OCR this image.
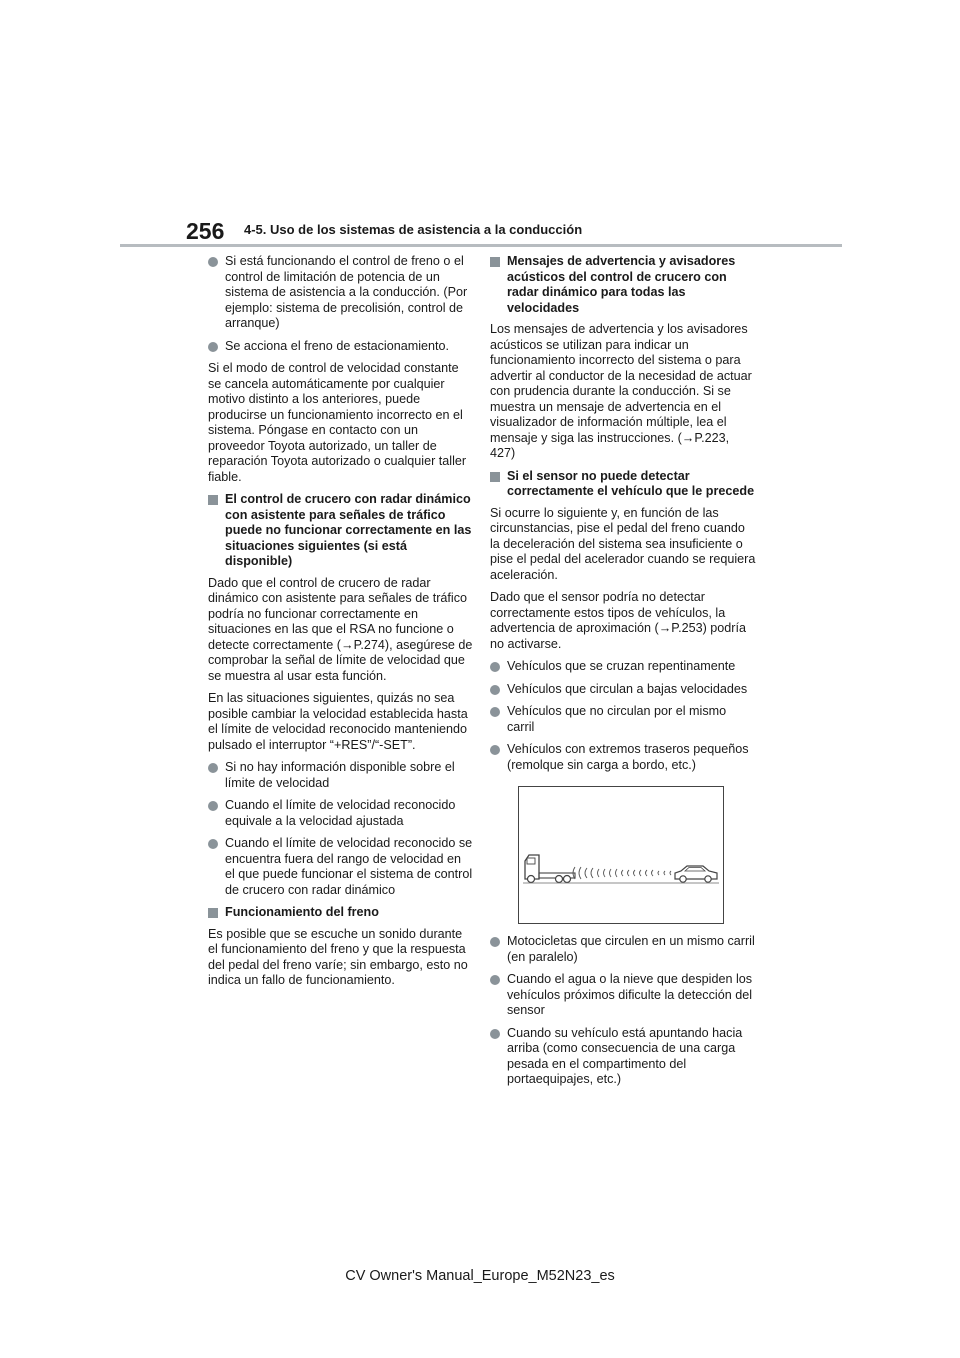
256 4-5. Uso de los sistemas de asistencia a la conducción
Si está funcionando el control de freno o el control de limitación de potencia de un sistema de asistencia a la conducción. (Por ejemplo: sistema de precolisión, control de arranque)
Se acciona el freno de estacionamiento.

Si el modo de control de velocidad constante se cancela automáticamente por cualquier motivo distinto a los anteriores, puede producirse un funcionamiento incorrecto en el sistema. Póngase en contacto con un proveedor Toyota autorizado, un taller de reparación Toyota autorizado o cualquier taller fiable.

El control de crucero con radar dinámico con asistente para señales de tráfico puede no funcionar correctamente en las situaciones siguientes (si está disponible)

Dado que el control de crucero de radar dinámico con asistente para señales de tráfico podría no funcionar correctamente en situaciones en las que el RSA no funcione o detecte correctamente (→P.274), asegúrese de comprobar la señal de límite de velocidad que se muestra al usar esta función.

En las situaciones siguientes, quizás no sea posible cambiar la velocidad establecida hasta el límite de velocidad reconocido manteniendo pulsado el interruptor “+RES”/“-SET”.

Si no hay información disponible sobre el límite de velocidad
Cuando el límite de velocidad reconocido equivale a la velocidad ajustada
Cuando el límite de velocidad reconocido se encuentra fuera del rango de velocidad en el que puede funcionar el sistema de control de crucero con radar dinámico
Funcionamiento del freno

Es posible que se escuche un sonido durante el funcionamiento del freno y que la respuesta del pedal del freno varíe; sin embargo, esto no indica un fallo de funcionamiento.

Mensajes de advertencia y avisadores acústicos del control de crucero con radar dinámico para todas las velocidades

Los mensajes de advertencia y los avisadores acústicos se utilizan para indicar un funcionamiento incorrecto del sistema o para advertir al conductor de la necesidad de actuar con prudencia durante la conducción. Si se muestra un mensaje de advertencia en el visualizador de información múltiple, lea el mensaje y siga las instrucciones. (→P.223, 427)

Si el sensor no puede detectar correctamente el vehículo que le precede

Si ocurre lo siguiente y, en función de las circunstancias, pise el pedal del freno cuando la deceleración del sistema sea insuficiente o pise el pedal del acelerador cuando se requiera aceleración.

Dado que el sensor podría no detectar correctamente estos tipos de vehículos, la advertencia de aproximación (→P.253) podría no activarse.

Vehículos que se cruzan repentinamente
Vehículos que circulan a bajas velocidades
Vehículos que no circulan por el mismo carril
Vehículos con extremos traseros pequeños (remolque sin carga a bordo, etc.)
Motocicletas que circulen en un mismo carril (en paralelo)
Cuando el agua o la nieve que despiden los vehículos próximos dificulte la detección del sensor
Cuando su vehículo está apuntando hacia arriba (como consecuencia de una carga pesada en el compartimento del portaequipajes, etc.)
CV Owner's Manual_Europe_M52N23_es
